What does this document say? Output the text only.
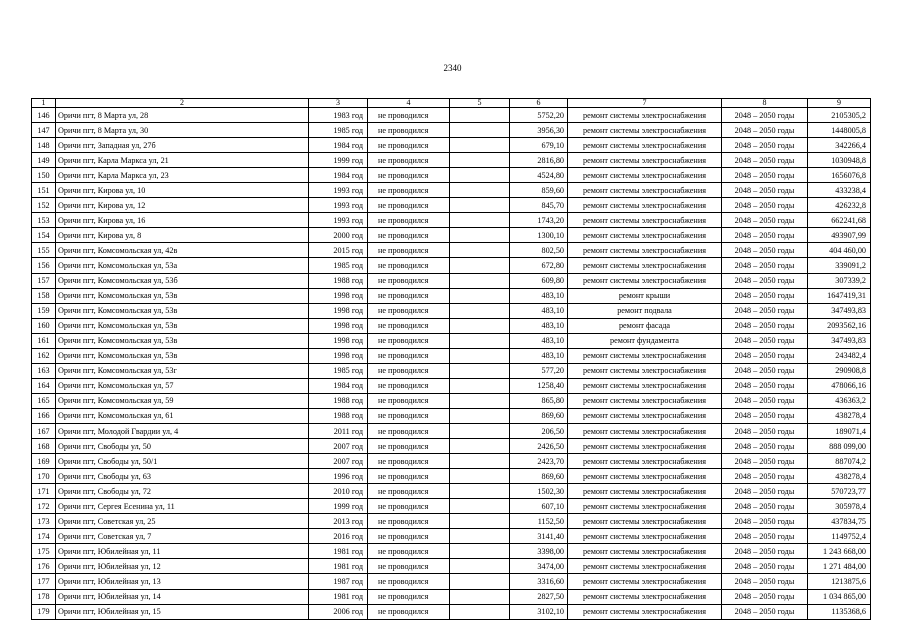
2340
1	2	3	4	5	6	7	8	9
146	Оричи пгт, 8 Марта ул, 28	1983 год	не проводился		5752,20	ремонт системы электроснабжения	2048 – 2050 годы	2105305,2
147	Оричи пгт, 8 Марта ул, 30	1985 год	не проводился		3956,30	ремонт системы электроснабжения	2048 – 2050 годы	1448005,8
148	Оричи пгт, Западная ул, 27б	1984 год	не проводился		679,10	ремонт системы электроснабжения	2048 – 2050 годы	342266,4
149	Оричи пгт, Карла Маркса ул, 21	1999 год	не проводился		2816,80	ремонт системы электроснабжения	2048 – 2050 годы	1030948,8
150	Оричи пгт, Карла Маркса ул, 23	1984 год	не проводился		4524,80	ремонт системы электроснабжения	2048 – 2050 годы	1656076,8
151	Оричи пгт, Кирова ул, 10	1993 год	не проводился		859,60	ремонт системы электроснабжения	2048 – 2050 годы	433238,4
152	Оричи пгт, Кирова ул, 12	1993 год	не проводился		845,70	ремонт системы электроснабжения	2048 – 2050 годы	426232,8
153	Оричи пгт, Кирова ул, 16	1993 год	не проводился		1743,20	ремонт системы электроснабжения	2048 – 2050 годы	662241,68
154	Оричи пгт, Кирова ул, 8	2000 год	не проводился		1300,10	ремонт системы электроснабжения	2048 – 2050 годы	493907,99
155	Оричи пгт, Комсомольская ул, 42в	2015 год	не проводился		802,50	ремонт системы электроснабжения	2048 – 2050 годы	404 460,00
156	Оричи пгт, Комсомольская ул, 53а	1985 год	не проводился		672,80	ремонт системы электроснабжения	2048 – 2050 годы	339091,2
157	Оричи пгт, Комсомольская ул, 53б	1988 год	не проводился		609,80	ремонт системы электроснабжения	2048 – 2050 годы	307339,2
158	Оричи пгт, Комсомольская ул, 53в	1998 год	не проводился		483,10	ремонт крыши	2048 – 2050 годы	1647419,31
159	Оричи пгт, Комсомольская ул, 53в	1998 год	не проводился		483,10	ремонт подвала	2048 – 2050 годы	347493,83
160	Оричи пгт, Комсомольская ул, 53в	1998 год	не проводился		483,10	ремонт фасада	2048 – 2050 годы	2093562,16
161	Оричи пгт, Комсомольская ул, 53в	1998 год	не проводился		483,10	ремонт фундамента	2048 – 2050 годы	347493,83
162	Оричи пгт, Комсомольская ул, 53в	1998 год	не проводился		483,10	ремонт системы электроснабжения	2048 – 2050 годы	243482,4
163	Оричи пгт, Комсомольская ул, 53г	1985 год	не проводился		577,20	ремонт системы электроснабжения	2048 – 2050 годы	290908,8
164	Оричи пгт, Комсомольская ул, 57	1984 год	не проводился		1258,40	ремонт системы электроснабжения	2048 – 2050 годы	478066,16
165	Оричи пгт, Комсомольская ул, 59	1988 год	не проводился		865,80	ремонт системы электроснабжения	2048 – 2050 годы	436363,2
166	Оричи пгт, Комсомольская ул, 61	1988 год	не проводился		869,60	ремонт системы электроснабжения	2048 – 2050 годы	438278,4
167	Оричи пгт, Молодой Гвардии ул, 4	2011 год	не проводился		206,50	ремонт системы электроснабжения	2048 – 2050 годы	189071,4
168	Оричи пгт, Свободы ул, 50	2007 год	не проводился		2426,50	ремонт системы электроснабжения	2048 – 2050 годы	888 099,00
169	Оричи пгт, Свободы ул, 50/1	2007 год	не проводился		2423,70	ремонт системы электроснабжения	2048 – 2050 годы	887074,2
170	Оричи пгт, Свободы ул, 63	1996 год	не проводился		869,60	ремонт системы электроснабжения	2048 – 2050 годы	438278,4
171	Оричи пгт, Свободы ул, 72	2010 год	не проводился		1502,30	ремонт системы электроснабжения	2048 – 2050 годы	570723,77
172	Оричи пгт, Сергея Есенина ул, 11	1999 год	не проводился		607,10	ремонт системы электроснабжения	2048 – 2050 годы	305978,4
173	Оричи пгт, Советская ул, 25	2013 год	не проводился		1152,50	ремонт системы электроснабжения	2048 – 2050 годы	437834,75
174	Оричи пгт, Советская ул, 7	2016 год	не проводился		3141,40	ремонт системы электроснабжения	2048 – 2050 годы	1149752,4
175	Оричи пгт, Юбилейная ул, 11	1981 год	не проводился		3398,00	ремонт системы электроснабжения	2048 – 2050 годы	1 243 668,00
176	Оричи пгт, Юбилейная ул, 12	1981 год	не проводился		3474,00	ремонт системы электроснабжения	2048 – 2050 годы	1 271 484,00
177	Оричи пгт, Юбилейная ул, 13	1987 год	не проводился		3316,60	ремонт системы электроснабжения	2048 – 2050 годы	1213875,6
178	Оричи пгт, Юбилейная ул, 14	1981 год	не проводился		2827,50	ремонт системы электроснабжения	2048 – 2050 годы	1 034 865,00
179	Оричи пгт, Юбилейная ул, 15	2006 год	не проводился		3102,10	ремонт системы электроснабжения	2048 – 2050 годы	1135368,6
